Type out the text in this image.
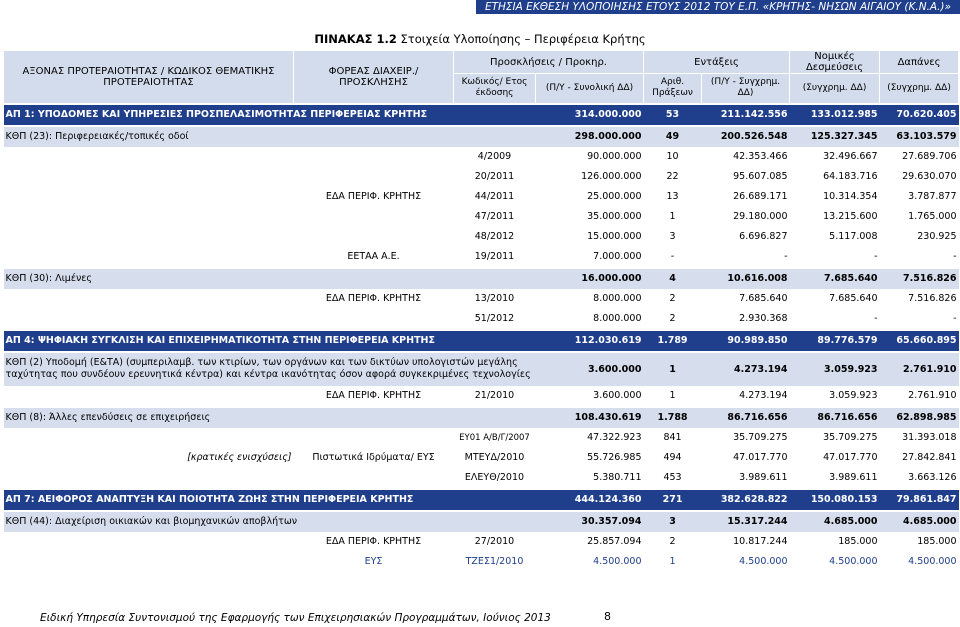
ΕΤΗΣΙΑ ΕΚΘΕΣΗ ΥΛΟΠΟΙΗΣΗΣ ΕΤΟΥΣ 2012 ΤΟΥ Ε.Π. «ΚΡΗΤΗΣ- ΝΗΣΩΝ ΑΙΓΑΙΟΥ (Κ.Ν.Α.)» 2007-2013
ΠΙΝΑΚΑΣ 1.2 Στοιχεία Υλοποίησης – Περιφέρεια Κρήτης
ΑΞΟΝΑΣ ΠΡΟΤΕΡΑΙΟΤΗΤΑΣ / ΚΩΔΙΚΟΣ ΘΕΜΑΤΙΚΗΣ ΠΡΟΤΕΡΑΙΟΤΗΤΑΣ	ΦΟΡΕΑΣ ΔΙΑΧΕΙΡ./ ΠΡΟΣΚΛΗΣΗΣ	Προσκλήσεις / Προκηρ.		Εντάξεις		Νομικές Δεσμεύσεις	Δαπάνες
		Κωδικός/ Ετος έκδοσης	(Π/Υ - Συνολική ΔΔ)	Αριθ. Πράξεων	(Π/Υ - Συγχρημ. ΔΔ)	(Συγχρημ. ΔΔ)	(Συγχρημ. ΔΔ)
ΑΠ 1: ΥΠΟΔΟΜΕΣ ΚΑΙ ΥΠΗΡΕΣΙΕΣ ΠΡΟΣΠΕΛΑΣΙΜΟΤΗΤΑΣ ΠΕΡΙΦΕΡΕΙΑΣ ΚΡΗΤΗΣ			314.000.000	53	211.142.556	133.012.985	70.620.405
ΚΘΠ (23): Περιφερειακές/τοπικές οδοί			298.000.000	49	200.526.548	125.327.345	63.103.579
		4/2009	90.000.000	10	42.353.466	32.496.667	27.689.706
		20/2011	126.000.000	22	95.607.085	64.183.716	29.630.070
	ΕΔΑ ΠΕΡΙΦ. ΚΡΗΤΗΣ	44/2011	25.000.000	13	26.689.171	10.314.354	3.787.877
		47/2011	35.000.000	1	29.180.000	13.215.600	1.765.000
		48/2012	15.000.000	3	6.696.827	5.117.008	230.925
	ΕΕΤΑΑ Α.Ε.	19/2011	7.000.000	-	-	-	-
ΚΘΠ (30): Λιμένες			16.000.000	4	10.616.008	7.685.640	7.516.826
	ΕΔΑ ΠΕΡΙΦ. ΚΡΗΤΗΣ	13/2010	8.000.000	2	7.685.640	7.685.640	7.516.826
		51/2012	8.000.000	2	2.930.368	-	-
ΑΠ 4: ΨΗΦΙΑΚΗ ΣΥΓΚΛΙΣΗ ΚΑΙ ΕΠΙΧΕΙΡΗΜΑΤΙΚΟΤΗΤΑ ΣΤΗΝ ΠΕΡΙΦΕΡΕΙΑ ΚΡΗΤΗΣ			112.030.619	1.789	90.989.850	89.776.579	65.660.895
ΚΘΠ (2) Υποδομή (Ε&ΤΑ) (συμπεριλαμβ. των κτιρίων, των οργάνων και των δικτύων υπολογιστών μεγάλης ταχύτητας που συνδέουν ερευνητικά κέντρα) και κέντρα ικανότητας όσον αφορά συγκεκριμένες τεχνολογίες			3.600.000	1	4.273.194	3.059.923	2.761.910
	ΕΔΑ ΠΕΡΙΦ. ΚΡΗΤΗΣ	21/2010	3.600.000	1	4.273.194	3.059.923	2.761.910
ΚΘΠ (8): Άλλες επενδύσεις σε επιχειρήσεις			108.430.619	1.788	86.716.656	86.716.656	62.898.985
		ΕΥ01 Α/Β/Γ/2007	47.322.923	841	35.709.275	35.709.275	31.393.018
[κρατικές ενισχύσεις]	Πιστωτικά Ιδρύματα/ ΕΥΣ	ΜΤΕΥΔ/2010	55.726.985	494	47.017.770	47.017.770	27.842.841
		ΕΛΕΥΘ/2010	5.380.711	453	3.989.611	3.989.611	3.663.126
ΑΠ 7: ΑΕΙΦΟΡΟΣ ΑΝΑΠΤΥΞΗ ΚΑΙ ΠΟΙΟΤΗΤΑ ΖΩΗΣ ΣΤΗΝ ΠΕΡΙΦΕΡΕΙΑ ΚΡΗΤΗΣ			444.124.360	271	382.628.822	150.080.153	79.861.847
ΚΘΠ (44): Διαχείριση οικιακών και βιομηχανικών αποβλήτων			30.357.094	3	15.317.244	4.685.000	4.685.000
	ΕΔΑ ΠΕΡΙΦ. ΚΡΗΤΗΣ	27/2010	25.857.094	2	10.817.244	185.000	185.000
	ΕΥΣ	ΤΖΕΣ1/2010	4.500.000	1	4.500.000	4.500.000	4.500.000
Ειδική Υπηρεσία Συντονισμού της Εφαρμογής των Επιχειρησιακών Προγραμμάτων, Ιούνιος 2013	8
